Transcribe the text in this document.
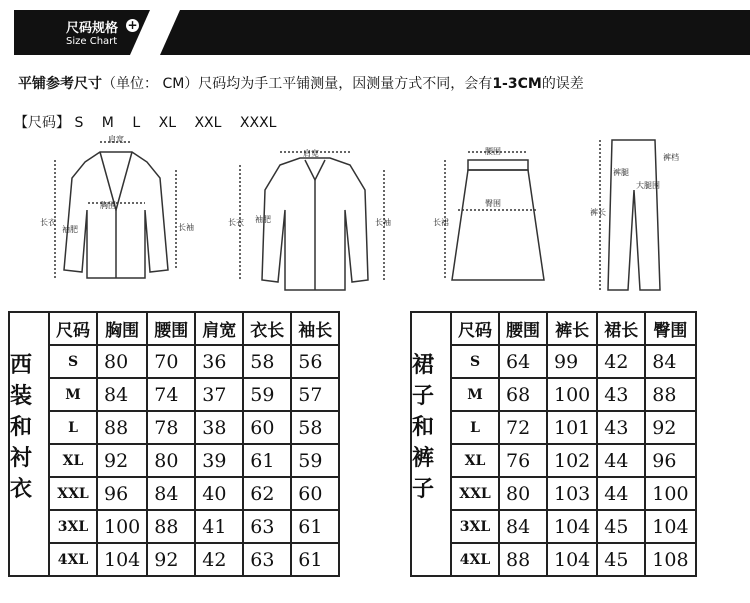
尺码规格 +
Size Chart
平铺参考尺寸（单位： CM）尺码均为手工平铺测量，因测量方式不同，会有1-3CM的误差
【尺码】 S M L XL XXL XXXL
肩宽
胸围
袖肥
长衣
长袖
肩宽
袖肥
长衣	长袖
腰围
臀围
长裙
裤档
裤腿
大腿围
裤长
	尺码	胸围	腰围	肩宽	衣长	袖长
	S	80	70	36	58	56
	M	84	74	37	59	57
	L	88	78	38	60	58
	XL	92	80	39	61	59
	XXL	96	84	40	62	60
	3XL	100	88	41	63	61
	4XL	104	92	42	63	61
西
装
和
衬
衣
	尺码	腰围	裤长	裙长	臀围
	S	64	99	42	84
	M	68	100	43	88
	L	72	101	43	92
	XL	76	102	44	96
	XXL	80	103	44	100
	3XL	84	104	45	104
	4XL	88	104	45	108
裙
子
和
裤
子
